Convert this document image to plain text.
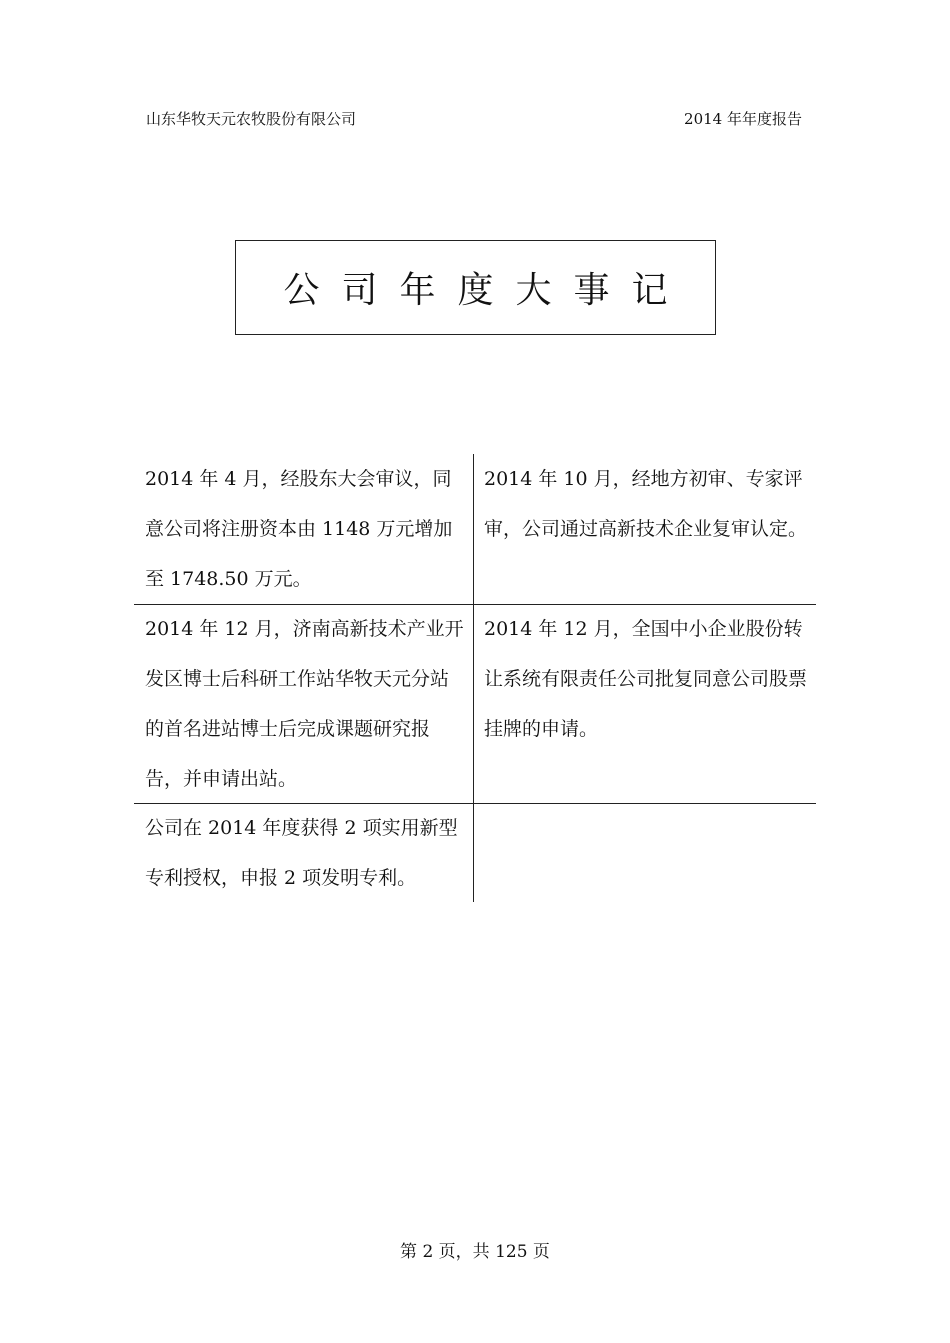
山东华牧天元农牧股份有限公司	2014 年年度报告
公司年度大事记
2014 年 4 月，经股东大会审议，同意公司将注册资本由 1148 万元增加至 1748.50 万元。
2014 年 10 月，经地方初审、专家评审，公司通过高新技术企业复审认定。
2014 年 12 月，济南高新技术产业开发区博士后科研工作站华牧天元分站的首名进站博士后完成课题研究报告，并申请出站。
2014 年 12 月，全国中小企业股份转让系统有限责任公司批复同意公司股票挂牌的申请。
公司在 2014 年度获得 2 项实用新型专利授权，申报 2 项发明专利。
第 2 页，共 125 页
